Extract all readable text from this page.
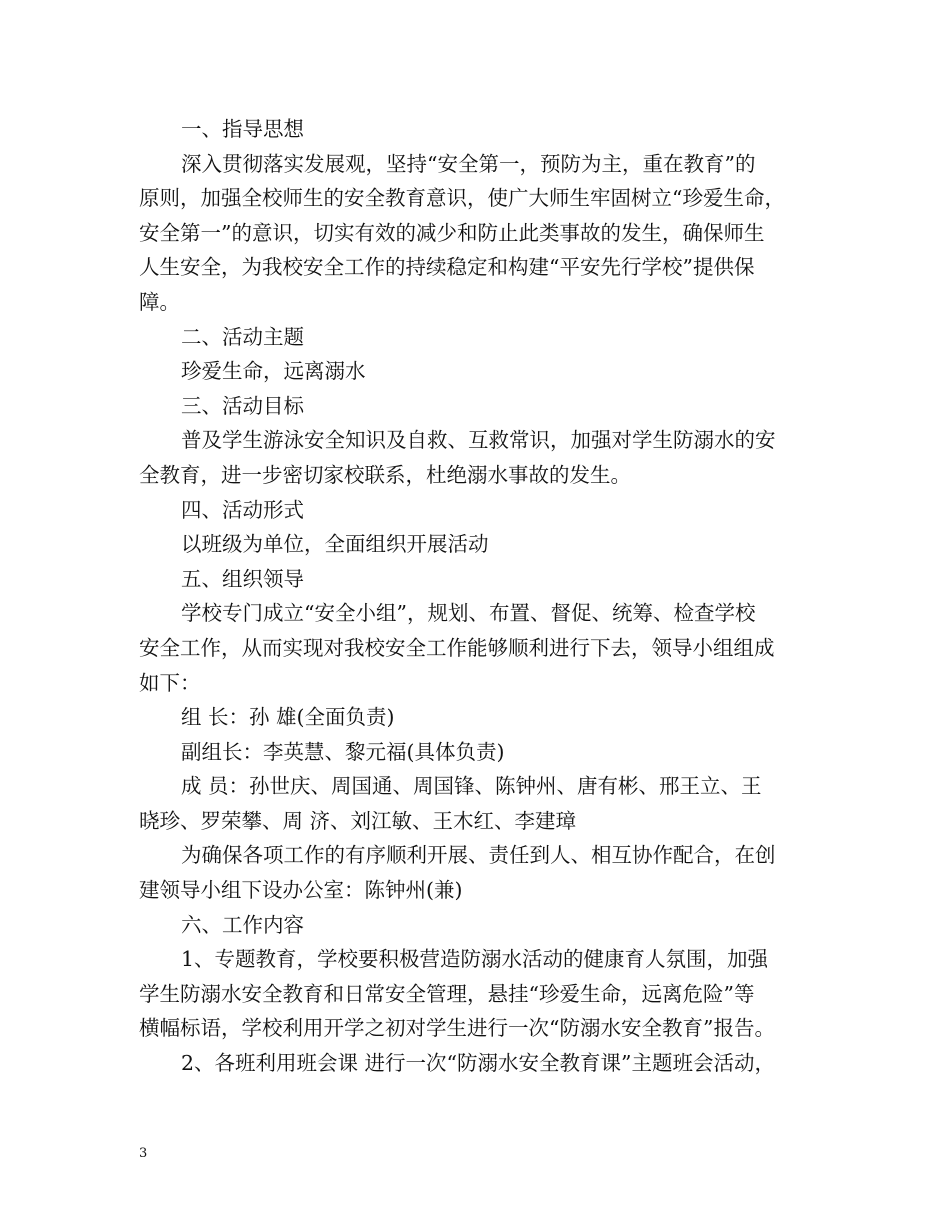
一、指导思想

深入贯彻落实发展观，坚持“安全第一，预防为主，重在教育”的

原则，加强全校师生的安全教育意识，使广大师生牢固树立“珍爱生命，

安全第一”的意识，切实有效的减少和防止此类事故的发生，确保师生

人生安全，为我校安全工作的持续稳定和构建“平安先行学校”提供保

障。

二、活动主题

珍爱生命，远离溺水

三、活动目标

普及学生游泳安全知识及自救、互救常识，加强对学生防溺水的安

全教育，进一步密切家校联系，杜绝溺水事故的发生。

四、活动形式

以班级为单位，全面组织开展活动

五、组织领导

学校专门成立“安全小组”，规划、布置、督促、统筹、检查学校

安全工作，从而实现对我校安全工作能够顺利进行下去，领导小组组成

如下：

组 长：孙 雄(全面负责)

副组长：李英慧、黎元福(具体负责)

成 员：孙世庆、周国通、周国锋、陈钟州、唐有彬、邢王立、王

晓珍、罗荣攀、周 济、刘江敏、王木红、李建璋

为确保各项工作的有序顺利开展、责任到人、相互协作配合，在创

建领导小组下设办公室：陈钟州(兼)

六、工作内容

1、专题教育，学校要积极营造防溺水活动的健康育人氛围，加强

学生防溺水安全教育和日常安全管理，悬挂“珍爱生命，远离危险”等

横幅标语，学校利用开学之初对学生进行一次“防溺水安全教育”报告。

2、各班利用班会课 进行一次“防溺水安全教育课”主题班会活动，

3
